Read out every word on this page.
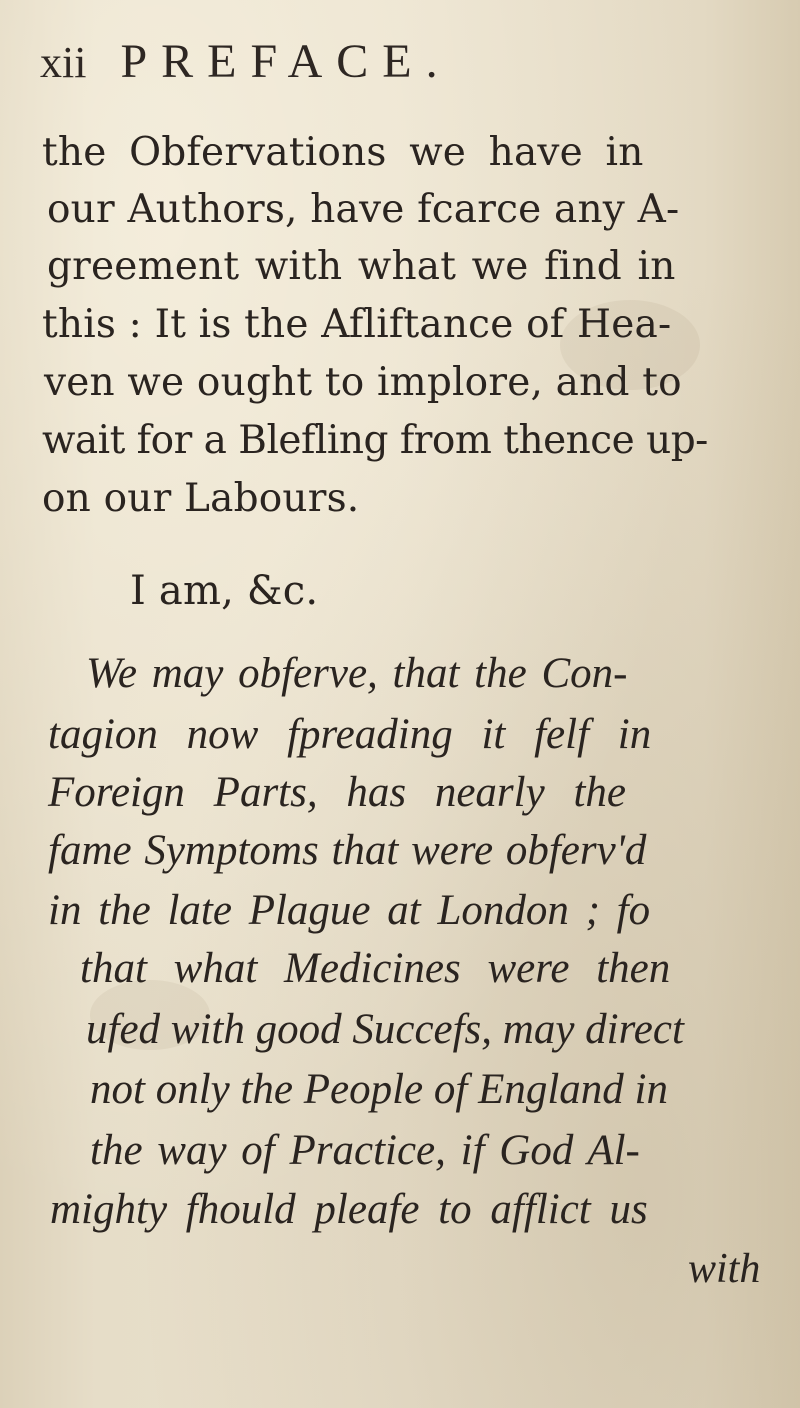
xii PREFACE.
the Obfervations we have in
our Authors, have fcarce any A-
greement with what we find in
this : It is the Afliftance of Hea-
ven we ought to implore, and to
wait for a Blefling from thence up-
on our Labours.
I am, &c.
We may obferve, that the Con-
tagion now fpreading it felf in
Foreign Parts, has nearly the
fame Symptoms that were obferv'd
in the late Plague at London ; fo
that what Medicines were then
ufed with good Succefs, may direct
not only the People of England in
the way of Practice, if God Al-
mighty fhould pleafe to afflict us
with
